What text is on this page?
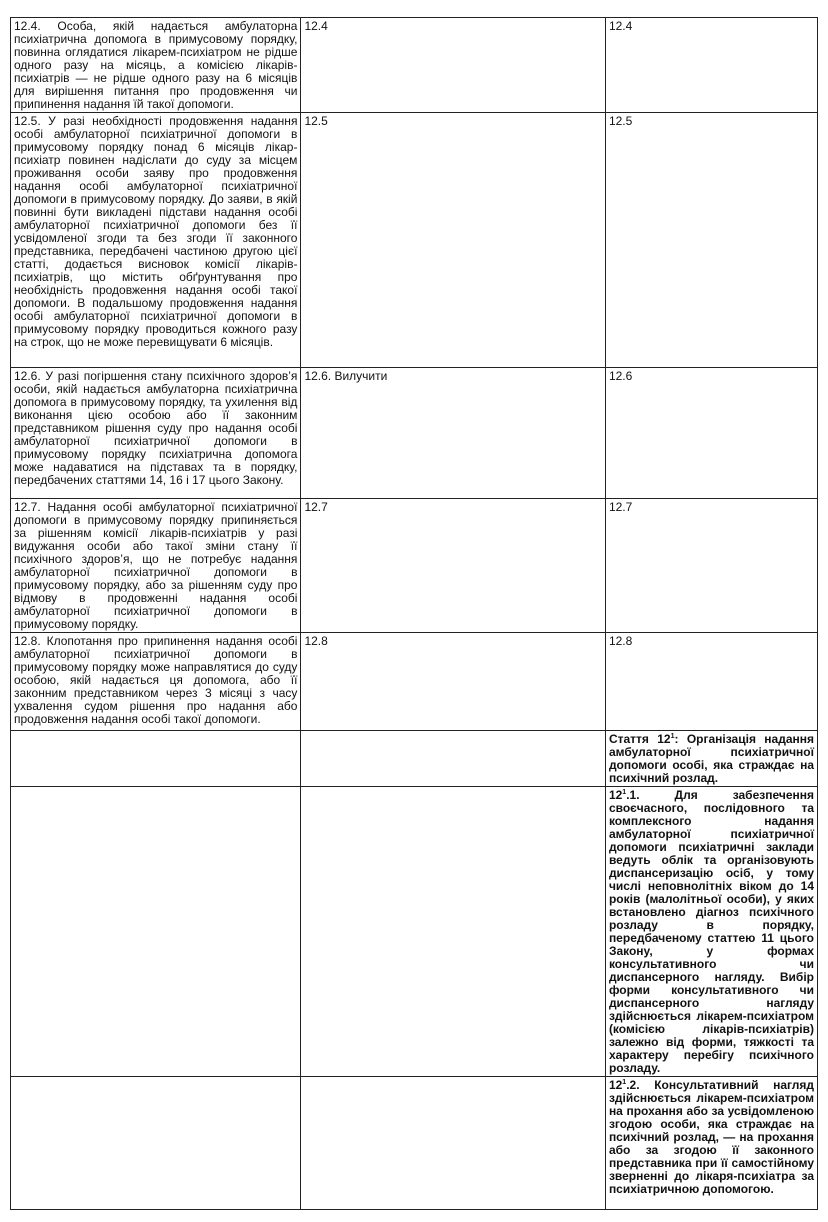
12.4. Особа, якій надається амбулаторна психіатрична допомога в примусовому порядку, повинна оглядатися лікарем-психіатром не рідше одного разу на місяць, а комісією лікарів-психіатрів — не рідше одного разу на 6 місяців для вирішення питання про продовження чи припинення надання їй такої допомоги.	12.4	12.4
12.5. У разі необхідності продовження надання особі амбулаторної психіатричної допомоги в примусовому порядку понад 6 місяців лікар-психіатр повинен надіслати до суду за місцем проживання особи заяву про продовження надання особі амбулаторної психіатричної допомоги в примусовому порядку. До заяви, в якій повинні бути викладені підстави надання особі амбулаторної психіатричної допомоги без її усвідомленої згоди та без згоди її законного представника, передбачені частиною другою цієї статті, додається висновок комісії лікарів-психіатрів, що містить обґрунтування про необхідність продовження надання особі такої допомоги. В подальшому продовження надання особі амбулаторної психіатричної допомоги в примусовому порядку проводиться кожного разу на строк, що не може перевищувати 6 місяців.	12.5	12.5
12.6. У разі погіршення стану психічного здоров’я особи, якій надається амбулаторна психіатрична допомога в примусовому порядку, та ухилення від виконання цією особою або її законним представником рішення суду про надання особі амбулаторної психіатричної допомоги в примусовому порядку психіатрична допомога може надаватися на підставах та в порядку, передбачених статтями 14, 16 і 17 цього Закону.	12.6. Вилучити	12.6
12.7. Надання особі амбулаторної психіатричної допомоги в примусовому порядку припиняється за рішенням комісії лікарів-психіатрів у разі видужання особи або такої зміни стану її психічного здоров’я, що не потребує надання амбулаторної психіатричної допомоги в примусовому порядку, або за рішенням суду про відмову в продовженні надання особі амбулаторної психіатричної допомоги в примусовому порядку.	12.7	12.7
12.8. Клопотання про припинення надання особі амбулаторної психіатричної допомоги в примусовому порядку може направлятися до суду особою, якій надається ця допомога, або її законним представником через 3 місяці з часу ухвалення судом рішення про надання або продовження надання особі такої допомоги.	12.8	12.8
		Стаття $12^1$: Організація надання амбулаторної психіатричної допомоги особі, яка страждає на психічний розлад.
		$12^1.1$. Для забезпечення своєчасного, послідовного та комплексного надання амбулаторної психіатричної допомоги психіатричні заклади ведуть облік та організовують диспансеризацію осіб, у тому числі неповнолітніх віком до 14 років (малолітньої особи), у яких встановлено діагноз психічного розладу в порядку, передбаченому статтею 11 цього Закону, у формах консультативного чи диспансерного нагляду. Вибір форми консультативного чи диспансерного нагляду здійснюється лікарем-психіатром (комісією лікарів-психіатрів) залежно від форми, тяжкості та характеру перебігу психічного розладу.
		$12^1.2$. Консультативний нагляд здійснюється лікарем-психіатром на прохання або за усвідомленою згодою особи, яка страждає на психічний розлад, — на прохання або за згодою її законного представника при її самостійному зверненні до лікаря-психіатра за психіатричною допомогою.
